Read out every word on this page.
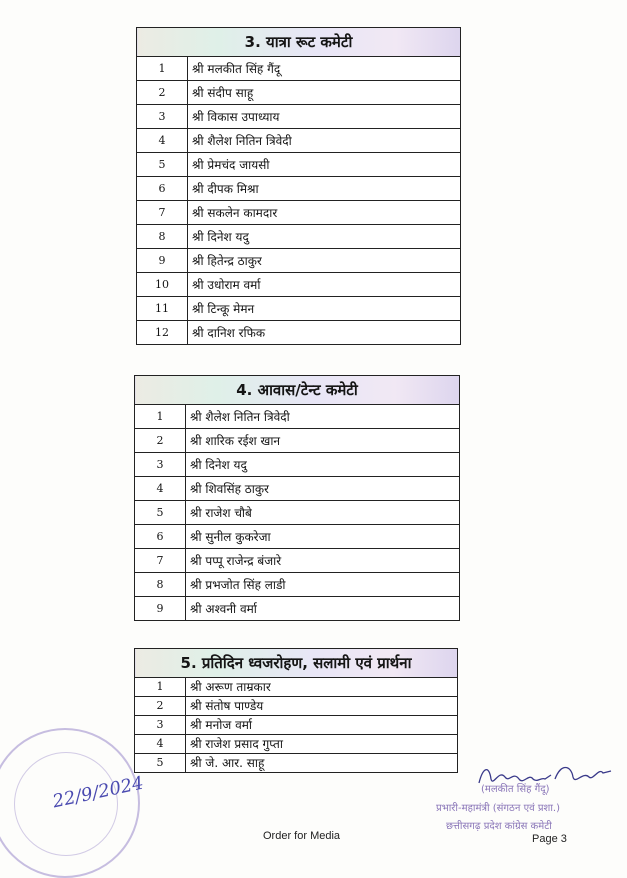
3. यात्रा रूट कमेटी	
1	श्री मलकीत सिंह गैंदू
2	श्री संदीप साहू
3	श्री विकास उपाध्याय
4	श्री शैलेश नितिन त्रिवेदी
5	श्री प्रेमचंद जायसी
6	श्री दीपक मिश्रा
7	श्री सकलेन कामदार
8	श्री दिनेश यदु
9	श्री हितेन्द्र ठाकुर
10	श्री उधोराम वर्मा
11	श्री टिन्कू मेमन
12	श्री दानिश रफिक
4. आवास/टेन्ट कमेटी	
1	श्री शैलेश नितिन त्रिवेदी
2	श्री शारिक रईश खान
3	श्री दिनेश यदु
4	श्री शिवसिंह ठाकुर
5	श्री राजेश चौबे
6	श्री सुनील कुकरेजा
7	श्री पप्पू राजेन्द्र बंजारे
8	श्री प्रभजोत सिंह लाडी
9	श्री अश्वनी वर्मा
5. प्रतिदिन ध्वजरोहण, सलामी एवं प्रार्थना	
1	श्री अरूण ताम्रकार
2	श्री संतोष पाण्डेय
3	श्री मनोज वर्मा
4	श्री राजेश प्रसाद गुप्ता
5	श्री जे. आर. साहू
22/9/2024	(मलकीत सिंह गैंदू)
प्रभारी-महामंत्री (संगठन एवं प्रशा.)
छत्तीसगढ़ प्रदेश कांग्रेस कमेटी
Order for Media	Page 3
